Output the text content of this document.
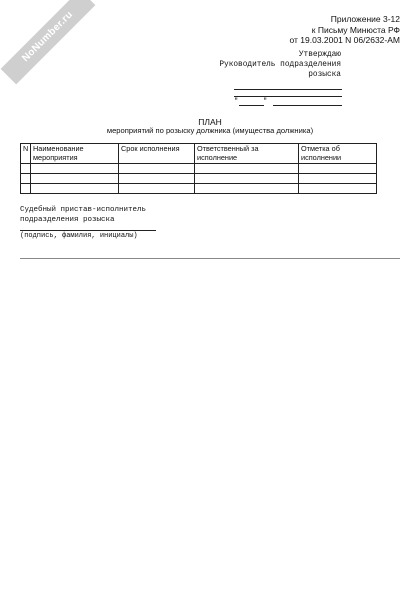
NoNumber.ru	Приложение 3-12
к Письму Минюста РФ
от 19.03.2001 N 06/2632-АМ
Утверждаю
Руководитель подразделения
розыска
"	"
ПЛАН
мероприятий по розыску должника (имущества должника)
N	Наименование мероприятия	Срок исполнения	Ответственный за исполнение	Отметка об исполнении

Судебный пристав-исполнитель
подразделения розыска
(подпись, фамилия, инициалы)
